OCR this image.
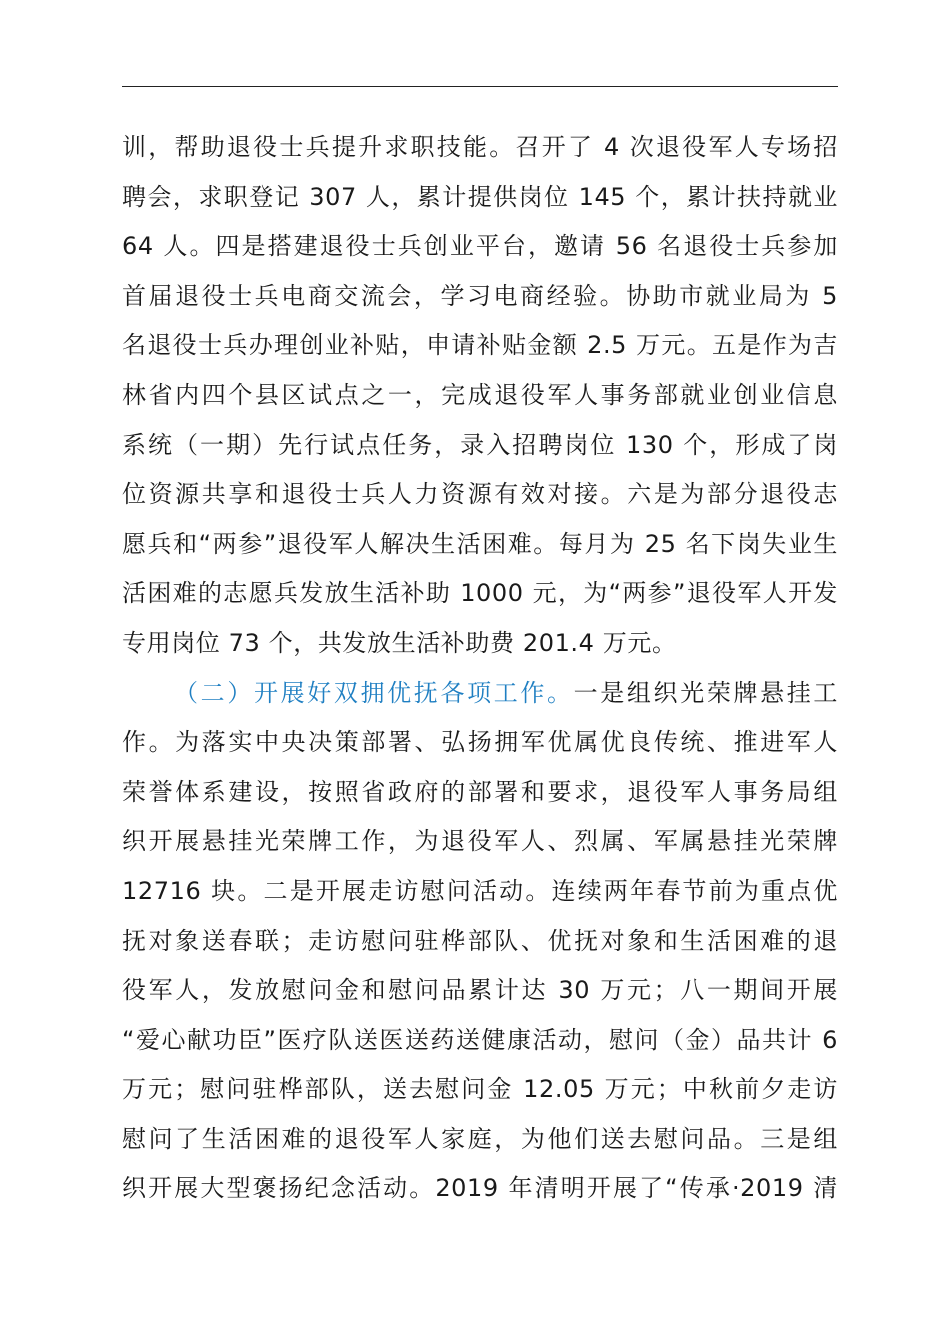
训，帮助退役士兵提升求职技能。召开了 4 次退役军人专场招
聘会，求职登记 307 人，累计提供岗位 145 个，累计扶持就业
64 人。四是搭建退役士兵创业平台，邀请 56 名退役士兵参加
首届退役士兵电商交流会，学习电商经验。协助市就业局为 5
名退役士兵办理创业补贴，申请补贴金额 2.5 万元。五是作为吉
林省内四个县区试点之一，完成退役军人事务部就业创业信息
系统（一期）先行试点任务，录入招聘岗位 130 个，形成了岗
位资源共享和退役士兵人力资源有效对接。六是为部分退役志
愿兵和“两参”退役军人解决生活困难。每月为 25 名下岗失业生
活困难的志愿兵发放生活补助 1000 元，为“两参”退役军人开发
专用岗位 73 个，共发放生活补助费 201.4 万元。
（二）开展好双拥优抚各项工作。一是组织光荣牌悬挂工
作。为落实中央决策部署、弘扬拥军优属优良传统、推进军人
荣誉体系建设，按照省政府的部署和要求，退役军人事务局组
织开展悬挂光荣牌工作，为退役军人、烈属、军属悬挂光荣牌
12716 块。二是开展走访慰问活动。连续两年春节前为重点优
抚对象送春联；走访慰问驻桦部队、优抚对象和生活困难的退
役军人，发放慰问金和慰问品累计达 30 万元；八一期间开展
“爱心献功臣”医疗队送医送药送健康活动，慰问（金）品共计 6
万元；慰问驻桦部队，送去慰问金 12.05 万元；中秋前夕走访
慰问了生活困难的退役军人家庭，为他们送去慰问品。三是组
织开展大型褒扬纪念活动。2019 年清明开展了“传承·2019 清
